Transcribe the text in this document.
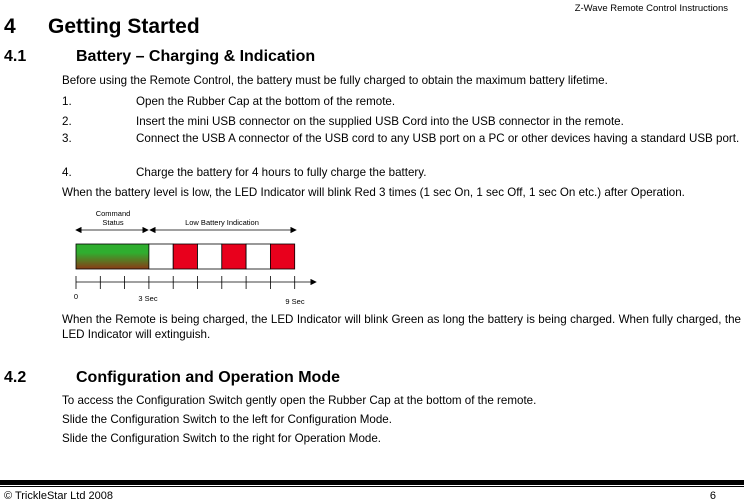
Z-Wave Remote Control Instructions
4 Getting Started
4.1	Battery – Charging & Indication
Before using the Remote Control, the battery must be fully charged to obtain the maximum battery lifetime.
1.	Open the Rubber Cap at the bottom of the remote.
2.	Insert the mini USB connector on the supplied USB Cord into the USB connector in the remote.
3.	Connect the USB A connector of the USB cord to any USB port on a PC or other devices having a standard USB port.
4.	Charge the battery for 4 hours to fully charge the battery.
When the battery level is low, the LED Indicator will blink Red 3 times (1 sec On, 1 sec Off, 1 sec On etc.) after Operation.
Command
Status	Low Battery Indication
0	3 Sec	9 Sec
When the Remote is being charged, the LED Indicator will blink Green as long the battery is being charged. When fully charged, the LED Indicator will extinguish.
4.2	Configuration and Operation Mode
To access the Configuration Switch gently open the Rubber Cap at the bottom of the remote.
Slide the Configuration Switch to the left for Configuration Mode.
Slide the Configuration Switch to the right for Operation Mode.
© TrickleStar Ltd 2008	6
